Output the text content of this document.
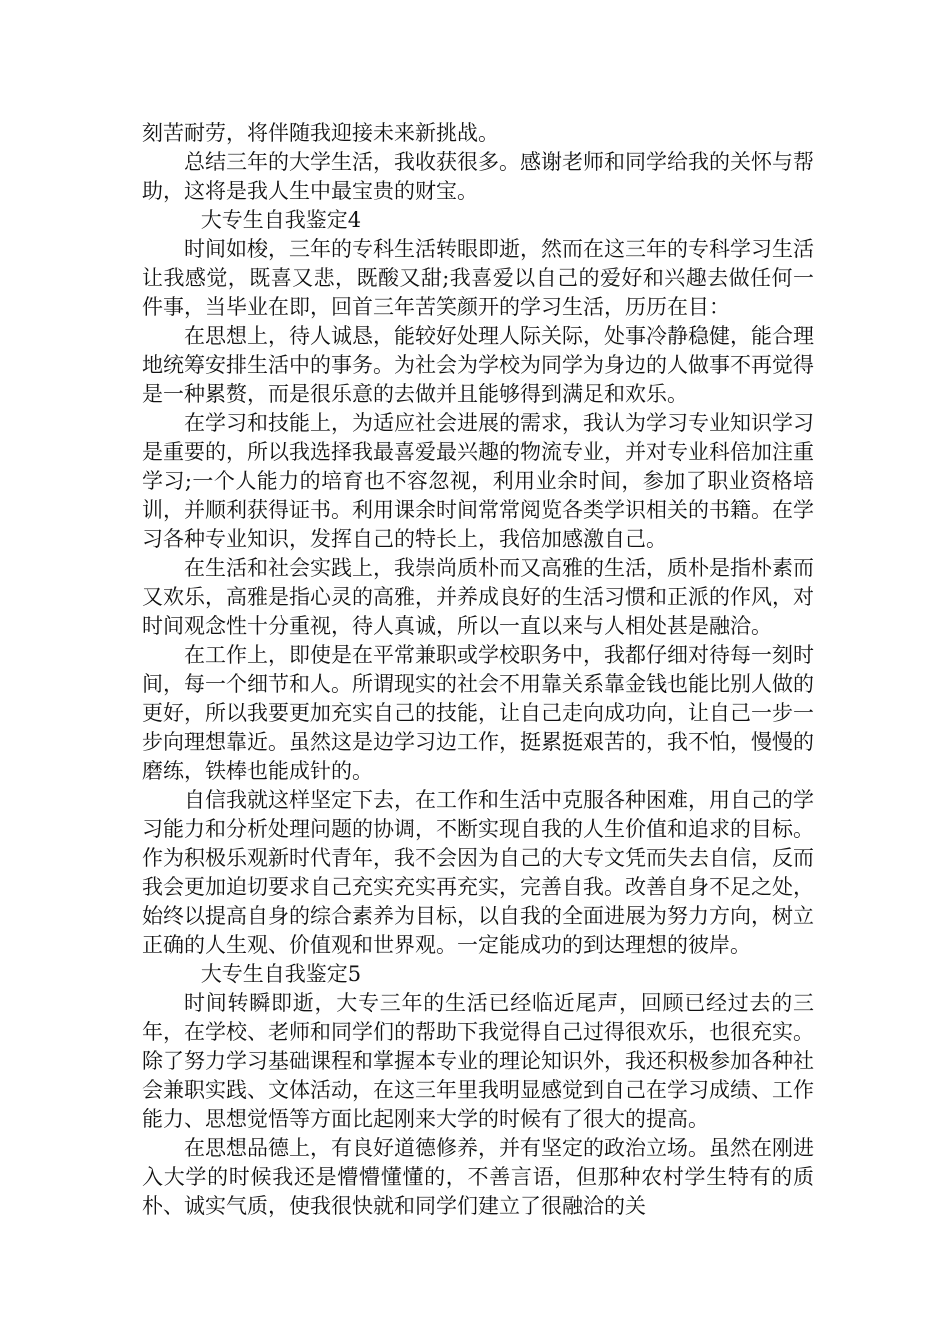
刻苦耐劳，将伴随我迎接未来新挑战。

总结三年的大学生活，我收获很多。感谢老师和同学给我的关怀与帮助，这将是我人生中最宝贵的财宝。

大专生自我鉴定4

时间如梭，三年的专科生活转眼即逝，然而在这三年的专科学习生活让我感觉，既喜又悲，既酸又甜;我喜爱以自己的爱好和兴趣去做任何一件事，当毕业在即，回首三年苦笑颜开的学习生活，历历在目：

在思想上，待人诚恳，能较好处理人际关际，处事冷静稳健，能合理地统筹安排生活中的事务。为社会为学校为同学为身边的人做事不再觉得是一种累赘，而是很乐意的去做并且能够得到满足和欢乐。

在学习和技能上，为适应社会进展的需求，我认为学习专业知识学习是重要的，所以我选择我最喜爱最兴趣的物流专业，并对专业科倍加注重学习;一个人能力的培育也不容忽视，利用业余时间，参加了职业资格培训，并顺利获得证书。利用课余时间常常阅览各类学识相关的书籍。在学习各种专业知识，发挥自己的特长上，我倍加感激自己。

在生活和社会实践上，我崇尚质朴而又高雅的生活，质朴是指朴素而又欢乐，高雅是指心灵的高雅，并养成良好的生活习惯和正派的作风，对时间观念性十分重视，待人真诚，所以一直以来与人相处甚是融洽。

在工作上，即使是在平常兼职或学校职务中，我都仔细对待每一刻时间，每一个细节和人。所谓现实的社会不用靠关系靠金钱也能比别人做的更好，所以我要更加充实自己的技能，让自己走向成功向，让自己一步一步向理想靠近。虽然这是边学习边工作，挺累挺艰苦的，我不怕，慢慢的磨练，铁棒也能成针的。

自信我就这样坚定下去，在工作和生活中克服各种困难，用自己的学习能力和分析处理问题的协调，不断实现自我的人生价值和追求的目标。作为积极乐观新时代青年，我不会因为自己的大专文凭而失去自信，反而我会更加迫切要求自己充实充实再充实，完善自我。改善自身不足之处，始终以提高自身的综合素养为目标，以自我的全面进展为努力方向，树立正确的人生观、价值观和世界观。一定能成功的到达理想的彼岸。

大专生自我鉴定5

时间转瞬即逝，大专三年的生活已经临近尾声，回顾已经过去的三年，在学校、老师和同学们的帮助下我觉得自己过得很欢乐，也很充实。除了努力学习基础课程和掌握本专业的理论知识外，我还积极参加各种社会兼职实践、文体活动，在这三年里我明显感觉到自己在学习成绩、工作能力、思想觉悟等方面比起刚来大学的时候有了很大的提高。

在思想品德上，有良好道德修养，并有坚定的政治立场。虽然在刚进入大学的时候我还是懵懵懂懂的，不善言语，但那种农村学生特有的质朴、诚实气质，使我很快就和同学们建立了很融洽的关
